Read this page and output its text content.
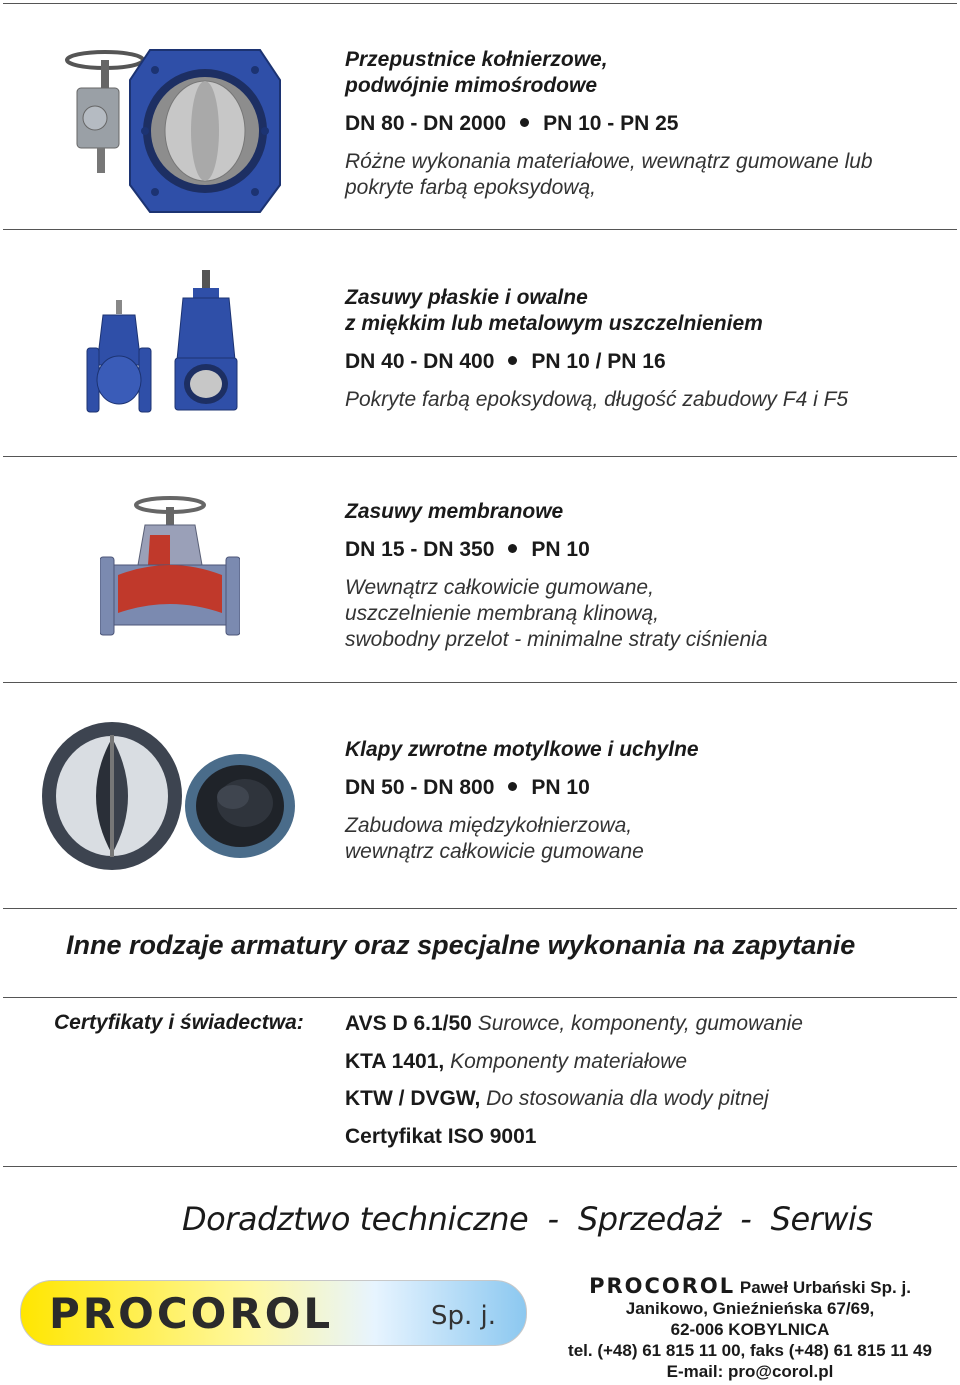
Przepustnice kołnierzowe,
podwójnie mimośrodowe
DN 80 - DN 2000 PN 10 - PN 25
Różne wykonania materiałowe, wewnątrz gumowane lub
pokryte farbą epoksydową,
Zasuwy płaskie i owalne
z miękkim lub metalowym uszczelnieniem
DN 40 - DN 400 PN 10 / PN 16
Pokryte farbą epoksydową, długość zabudowy F4 i F5
Zasuwy membranowe
DN 15 - DN 350 PN 10
Wewnątrz całkowicie gumowane,
uszczelnienie membraną klinową,
swobodny przelot - minimalne straty ciśnienia
Klapy zwrotne motylkowe i uchylne
DN 50 - DN 800 PN 10
Zabudowa międzykołnierzowa,
wewnątrz całkowicie gumowane
Inne rodzaje armatury oraz specjalne wykonania na zapytanie
Certyfikaty i świadectwa: AVS D 6.1/50 Surowce, komponenty, gumowanie
KTA 1401, Komponenty materiałowe
KTW / DVGW, Do stosowania dla wody pitnej
Certyfikat ISO 9001
Doradztwo techniczne  -  Sprzedaż  -  Serwis
PROCOROL	Sp. j.
PROCOROL Paweł Urbański Sp. j.
Janikowo, Gnieźnieńska 67/69,
62-006 KOBYLNICA
tel. (+48) 61 815 11 00, faks (+48) 61 815 11 49
E-mail: pro@corol.pl
